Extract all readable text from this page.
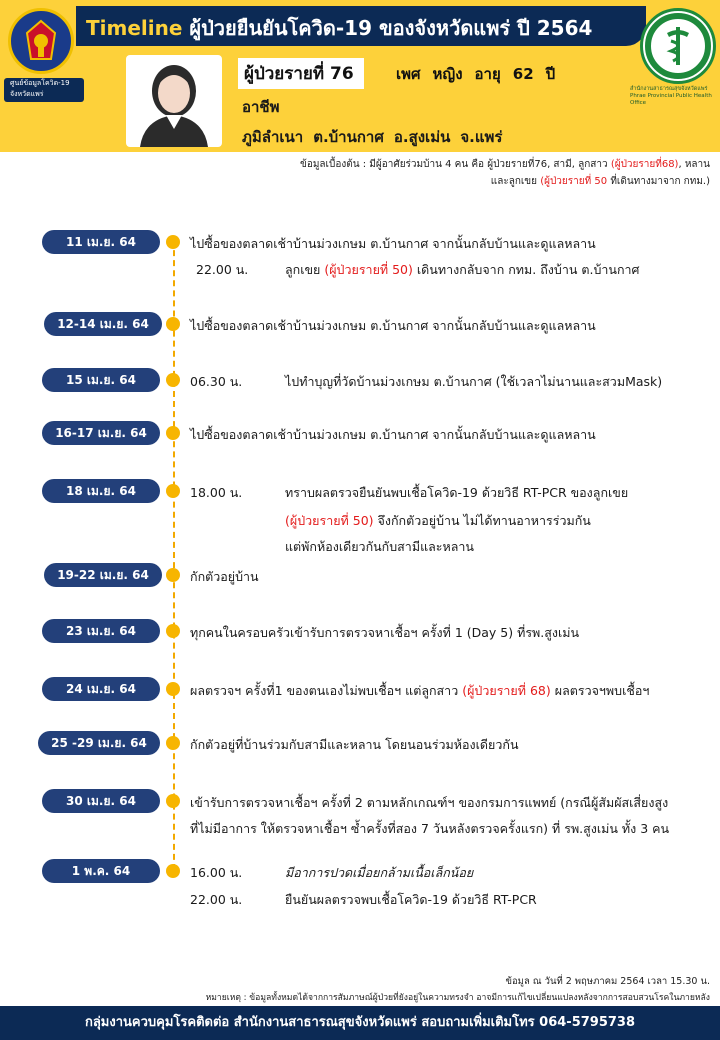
Timeline ผู้ป่วยยืนยันโควิด-19 ของจังหวัดแพร่ ปี 2564
ศูนย์ข้อมูลโควิด-19
จังหวัดแพร่
สำนักงานสาธารณสุขจังหวัดแพร่
Phrae Provincial Public Health Office
ผู้ป่วยรายที่ 76	เพศ หญิง อายุ 62 ปี
อาชีพ
ภูมิลำเนา ต.บ้านกาศ อ.สูงเม่น จ.แพร่
ข้อมูลเบื้องต้น : มีผู้อาศัยร่วมบ้าน 4 คน คือ ผู้ป่วยรายที่76, สามี, ลูกสาว (ผู้ป่วยรายที่68), หลาน
และลูกเขย (ผู้ป่วยรายที่ 50 ที่เดินทางมาจาก กทม.)
11 เม.ย. 64	ไปซื้อของตลาดเช้าบ้านม่วงเกษม ต.บ้านกาศ จากนั้นกลับบ้านและดูแลหลาน
22.00 น.	ลูกเขย (ผู้ป่วยรายที่ 50) เดินทางกลับจาก กทม. ถึงบ้าน ต.บ้านกาศ
12-14 เม.ย. 64	ไปซื้อของตลาดเช้าบ้านม่วงเกษม ต.บ้านกาศ จากนั้นกลับบ้านและดูแลหลาน
15 เม.ย. 64	06.30 น.	ไปทำบุญที่วัดบ้านม่วงเกษม ต.บ้านกาศ (ใช้เวลาไม่นานและสวมMask)
16-17 เม.ย. 64	ไปซื้อของตลาดเช้าบ้านม่วงเกษม ต.บ้านกาศ จากนั้นกลับบ้านและดูแลหลาน
18 เม.ย. 64	18.00 น.	ทราบผลตรวจยืนยันพบเชื้อโควิด-19 ด้วยวิธี RT-PCR ของลูกเขย
(ผู้ป่วยรายที่ 50) จึงกักตัวอยู่บ้าน ไม่ได้ทานอาหารร่วมกัน
แต่พักห้องเดียวกันกับสามีและหลาน
19-22 เม.ย. 64	กักตัวอยู่บ้าน
23 เม.ย. 64	ทุกคนในครอบครัวเข้ารับการตรวจหาเชื้อฯ ครั้งที่ 1 (Day 5) ที่รพ.สูงเม่น
24 เม.ย. 64	ผลตรวจฯ ครั้งที่1 ของตนเองไม่พบเชื้อฯ แต่ลูกสาว (ผู้ป่วยรายที่ 68) ผลตรวจฯพบเชื้อฯ
25 -29 เม.ย. 64	กักตัวอยู่ที่บ้านร่วมกับสามีและหลาน โดยนอนร่วมห้องเดียวกัน
30 เม.ย. 64	เข้ารับการตรวจหาเชื้อฯ ครั้งที่ 2 ตามหลักเกณฑ์ฯ ของกรมการแพทย์ (กรณีผู้สัมผัสเสี่ยงสูง
ที่ไม่มีอาการ ให้ตรวจหาเชื้อฯ ซ้ำครั้งที่สอง 7 วันหลังตรวจครั้งแรก) ที่ รพ.สูงเม่น ทั้ง 3 คน
1 พ.ค. 64	16.00 น.	มีอาการปวดเมื่อยกล้ามเนื้อเล็กน้อย
22.00 น.	ยืนยันผลตรวจพบเชื้อโควิด-19 ด้วยวิธี RT-PCR
ข้อมูล ณ วันที่ 2 พฤษภาคม 2564 เวลา 15.30 น.
หมายเหตุ : ข้อมูลทั้งหมดได้จากการสัมภาษณ์ผู้ป่วยที่ยังอยู่ในความทรงจำ อาจมีการแก้ไขเปลี่ยนแปลงหลังจากการสอบสวนโรคในภายหลัง
กลุ่มงานควบคุมโรคติดต่อ สำนักงานสาธารณสุขจังหวัดแพร่ สอบถามเพิ่มเติมโทร 064-5795738
